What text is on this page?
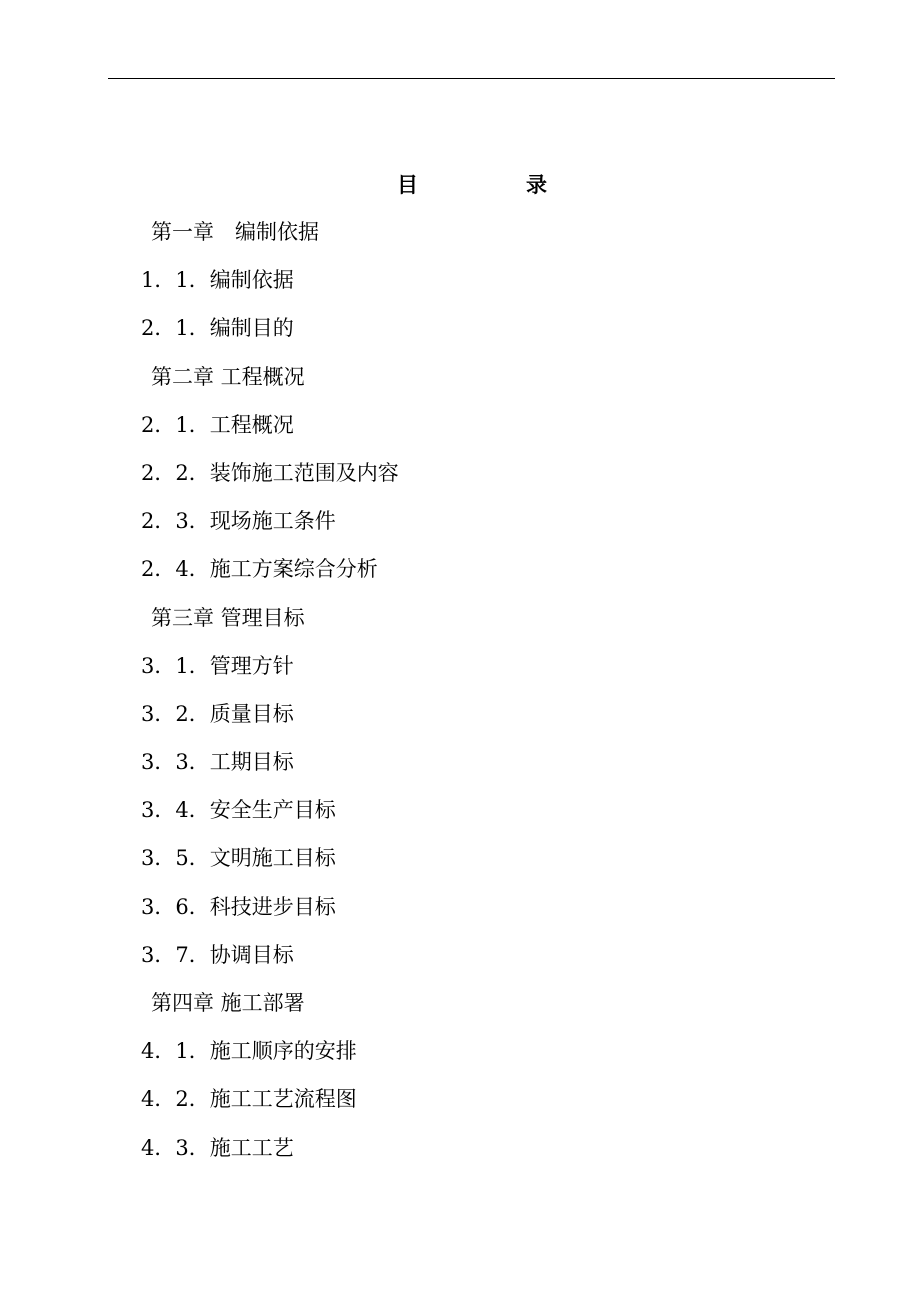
目	录
第一章　编制依据
1．1．编制依据
2．1．编制目的
第二章 工程概况
2．1．工程概况
2．2．装饰施工范围及内容
2．3．现场施工条件
2．4．施工方案综合分析
第三章 管理目标
3．1．管理方针
3．2．质量目标
3．3．工期目标
3．4．安全生产目标
3．5．文明施工目标
3．6．科技进步目标
3．7．协调目标
第四章 施工部署
4．1．施工顺序的安排
4．2．施工工艺流程图
4．3．施工工艺
